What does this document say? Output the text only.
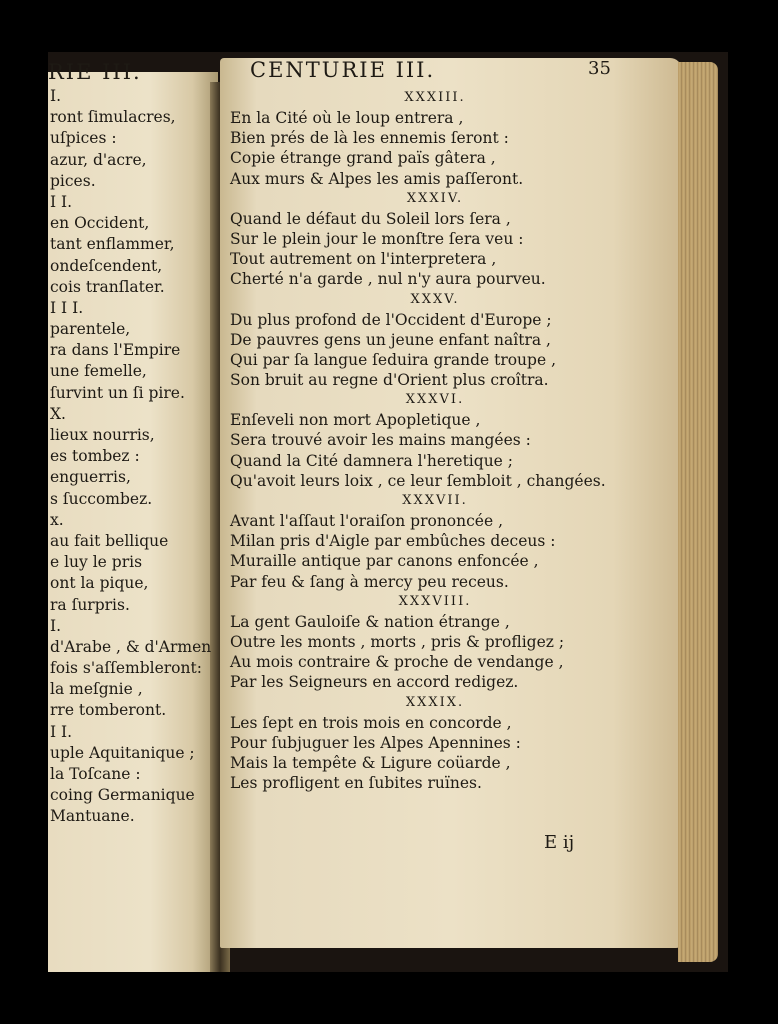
RIE III.
I.
ront ſimulacres,
uſpices :
azur, d'acre,
pices.
I I.
en Occident,
tant enflammer,
ondeſcendent,
cois tranſlater.
I I I.
parentele,
ra dans l'Empire
une femelle,
ſurvint un ſi pire.
X.
lieux nourris,
es tombez :
enguerris,
s ſuccombez.
x.
au fait bellique
e luy le pris
ont la pique,
ra ſurpris.
I.
d'Arabe , & d'Armen
fois s'aſſembleront:
la meſgnie ,
rre tomberont.
I I.
uple Aquitanique ;
la Toſcane :
coing Germanique
Mantuane.
CENTURIE III.	35
XXXIII.
En la Cité où le loup entrera ,
Bien prés de là les ennemis ſeront :
Copie étrange grand païs gâtera ,
Aux murs & Alpes les amis paſſeront.
XXXIV.
Quand le défaut du Soleil lors ſera ,
Sur le plein jour le monſtre ſera veu :
Tout autrement on l'interpretera ,
Cherté n'a garde , nul n'y aura pourveu.
XXXV.
Du plus profond de l'Occident d'Europe ;
De pauvres gens un jeune enfant naîtra ,
Qui par ſa langue ſeduira grande troupe ,
Son bruit au regne d'Orient plus croîtra.
XXXVI.
Enſeveli non mort Apopletique ,
Sera trouvé avoir les mains mangées :
Quand la Cité damnera l'heretique ;
Qu'avoit leurs loix , ce leur ſembloit , changées.
XXXVII.
Avant l'aſſaut l'oraiſon prononcée ,
Milan pris d'Aigle par embûches deceus :
Muraille antique par canons enfoncée ,
Par feu & ſang à mercy peu receus.
XXXVIII.
La gent Gauloiſe & nation étrange ,
Outre les monts , morts , pris & profligez ;
Au mois contraire & proche de vendange ,
Par les Seigneurs en accord redigez.
XXXIX.
Les ſept en trois mois en concorde ,
Pour ſubjuguer les Alpes Apennines :
Mais la tempête & Ligure coüarde ,
Les profligent en ſubites ruïnes.
E ij
